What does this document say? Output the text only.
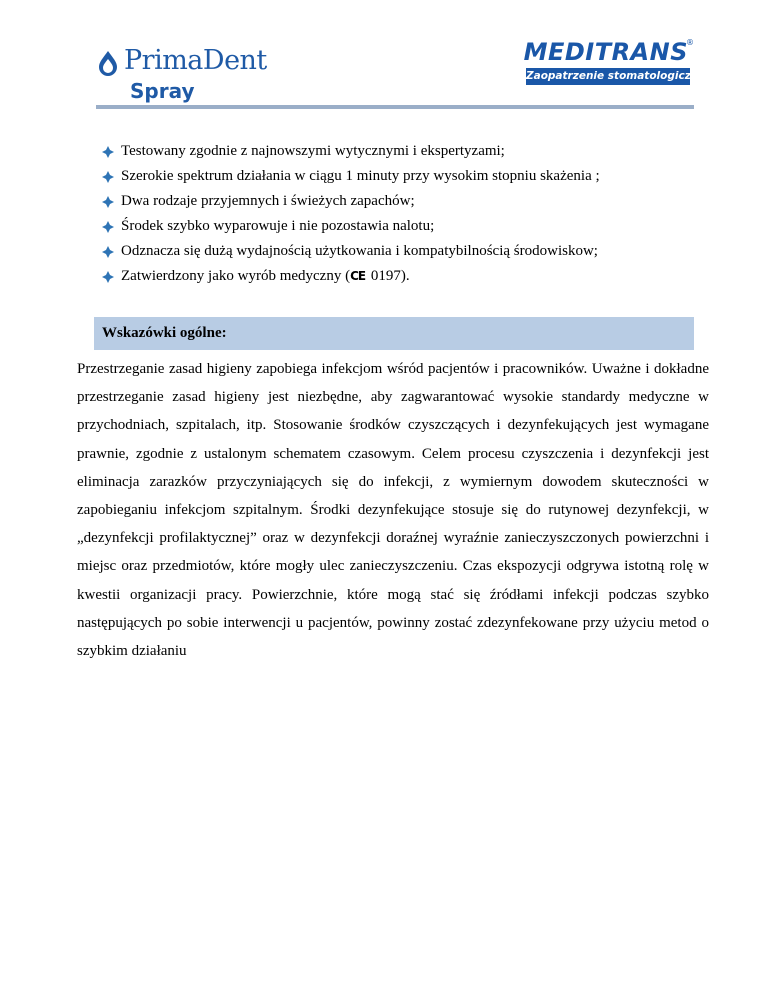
PrimaDent
Spray
MEDITRANS
®
Zaopatrzenie stomatologiczne
Testowany zgodnie z najnowszymi wytycznymi i ekspertyzami;
Szerokie spektrum działania w ciągu 1 minuty przy wysokim stopniu skażenia ;
Dwa rodzaje przyjemnych i świeżych zapachów;
Środek szybko wyparowuje i nie pozostawia nalotu;
Odznacza się dużą wydajnością użytkowania i kompatybilnością środowiskow;
Zatwierdzony jako wyrób medyczny (CE 0197).
Wskazówki ogólne:

Przestrzeganie zasad higieny zapobiega infekcjom wśród pacjentów i pracowników. Uważne i dokładne przestrzeganie zasad higieny jest niezbędne, aby zagwarantować wysokie standardy medyczne w przychodniach, szpitalach, itp. Stosowanie środków czyszczących i dezynfekujących jest wymagane prawnie, zgodnie z ustalonym schematem czasowym. Celem procesu czyszczenia i dezynfekcji jest eliminacja zarazków przyczyniających się do infekcji, z wymiernym dowodem skuteczności w zapobieganiu infekcjom szpitalnym. Środki dezynfekujące stosuje się do rutynowej dezynfekcji, w „dezynfekcji profilaktycznej” oraz w dezynfekcji doraźnej wyraźnie zanieczyszczonych powierzchni i miejsc oraz przedmiotów, które mogły ulec zanieczyszczeniu. Czas ekspozycji odgrywa istotną rolę w kwestii organizacji pracy. Powierzchnie, które mogą stać się źródłami infekcji podczas szybko następujących po sobie interwencji u pacjentów, powinny zostać zdezynfekowane przy użyciu metod o szybkim działaniu
